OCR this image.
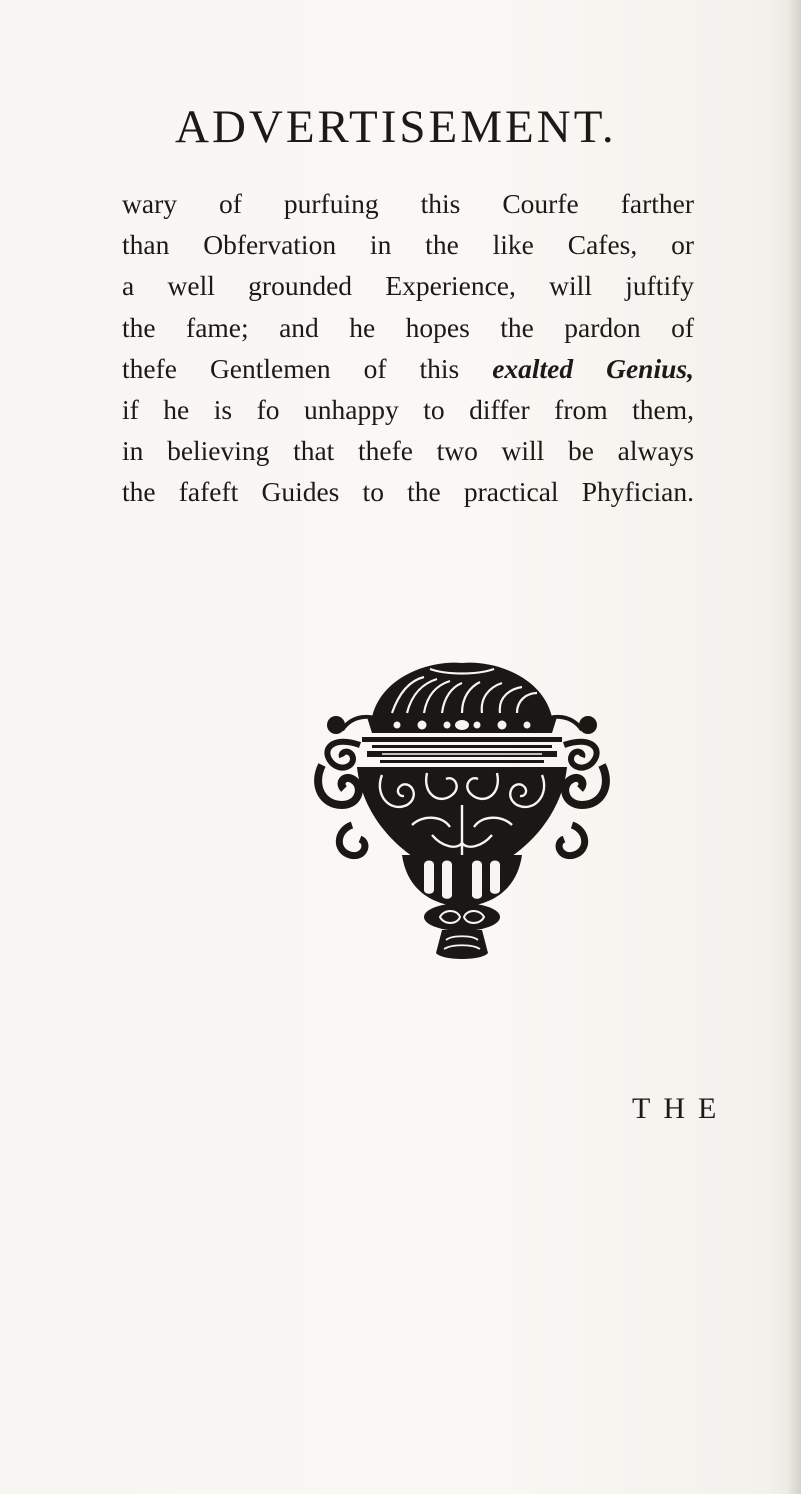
ADVERTISEMENT.
wary of purfuing this Courfe farther
than Obfervation in the like Cafes, or
a well grounded Experience, will juftify
the fame; and he hopes the pardon of
thefe Gentlemen of this exalted Genius,
if he is fo unhappy to differ from them,
in believing that thefe two will be always
the fafeft Guides to the practical Phyfician.
THE
